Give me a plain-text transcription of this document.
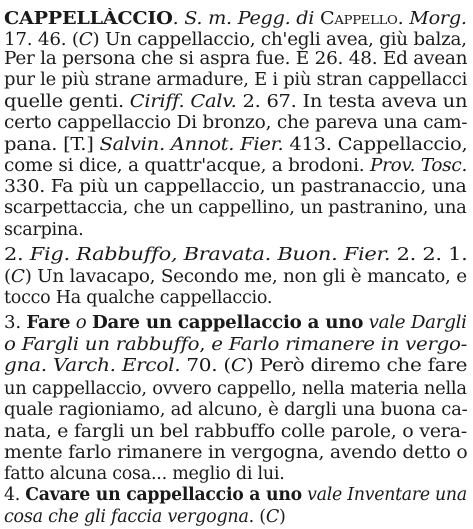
CAPPELLÀCCIO. S. m. Pegg. di Cappello. Morg.
17. 46. (C) Un cappellaccio, ch'egli avea, giù balza,
Per la persona che si aspra fue. È 26. 48. Ed avean
pur le più strane armadure, E i più stran cappellacci
quelle genti. Ciriff. Calv. 2. 67. In testa aveva un
certo cappellaccio Di bronzo, che pareva una cam-
pana. [T.] Salvin. Annot. Fier. 413. Cappellaccio,
come si dice, a quattr'acque, a brodoni. Prov. Tosc.
330. Fa più un cappellaccio, un pastranaccio, una
scarpettaccia, che un cappellino, un pastranino, una
scarpina.
2. Fig. Rabbuffo, Bravata. Buon. Fier. 2. 2. 1.
(C) Un lavacapo, Secondo me, non gli è mancato, e
tocco Ha qualche cappellaccio.
3. Fare o Dare un cappellaccio a uno vale Dargli
o Fargli un rabbuffo, e Farlo rimanere in vergo-
gna. Varch. Ercol. 70. (C) Però diremo che fare
un cappellaccio, ovvero cappello, nella materia nella
quale ragioniamo, ad alcuno, è dargli una buona ca-
nata, e fargli un bel rabbuffo colle parole, o vera-
mente farlo rimanere in vergogna, avendo detto o
fatto alcuna cosa... meglio di lui.
4. Cavare un cappellaccio a uno vale Inventare una
cosa che gli faccia vergogna. (C)
